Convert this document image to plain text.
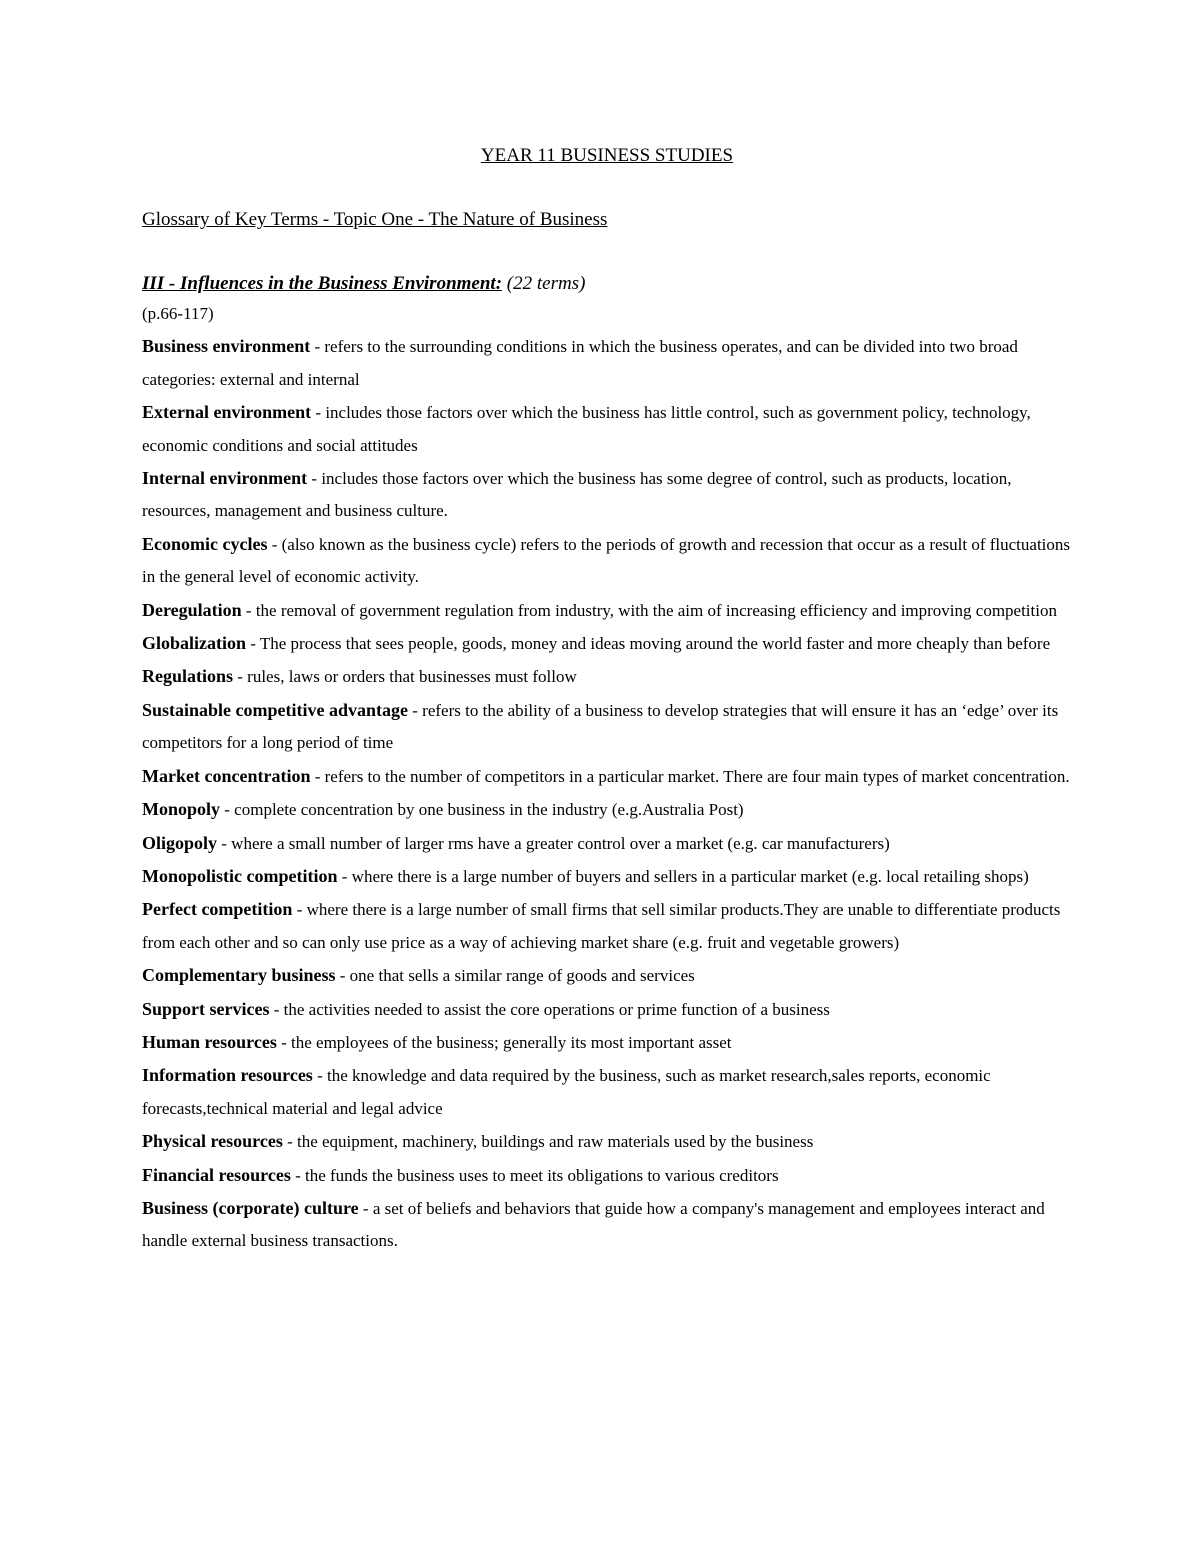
YEAR 11 BUSINESS STUDIES
Glossary of Key Terms - Topic One - The Nature of Business
III - Influences in the Business Environment: (22 terms)
(p.66-117)

Business environment - refers to the surrounding conditions in which the business operates, and can be divided into two broad categories: external and internal

External environment - includes those factors over which the business has little control, such as government policy, technology, economic conditions and social attitudes

Internal environment - includes those factors over which the business has some degree of control, such as products, location, resources, management and business culture.

Economic cycles - (also known as the business cycle) refers to the periods of growth and recession that occur as a result of fluctuations in the general level of economic activity.

Deregulation - the removal of government regulation from industry, with the aim of increasing efficiency and improving competition

Globalization - The process that sees people, goods, money and ideas moving around the world faster and more cheaply than before

Regulations - rules, laws or orders that businesses must follow

Sustainable competitive advantage - refers to the ability of a business to develop strategies that will ensure it has an ‘edge’ over its competitors for a long period of time

Market concentration - refers to the number of competitors in a particular market. There are four main types of market concentration.

Monopoly - complete concentration by one business in the industry (e.g.Australia Post)

Oligopoly - where a small number of larger rms have a greater control over a market (e.g. car manufacturers)

Monopolistic competition - where there is a large number of buyers and sellers in a particular market (e.g. local retailing shops)

Perfect competition - where there is a large number of small firms that sell similar products.They are unable to differentiate products from each other and so can only use price as a way of achieving market share (e.g. fruit and vegetable growers)

Complementary business - one that sells a similar range of goods and services

Support services - the activities needed to assist the core operations or prime function of a business

Human resources - the employees of the business; generally its most important asset

Information resources - the knowledge and data required by the business, such as market research,sales reports, economic forecasts,technical material and legal advice

Physical resources - the equipment, machinery, buildings and raw materials used by the business

Financial resources - the funds the business uses to meet its obligations to various creditors

Business (corporate) culture - a set of beliefs and behaviors that guide how a company's management and employees interact and handle external business transactions.
